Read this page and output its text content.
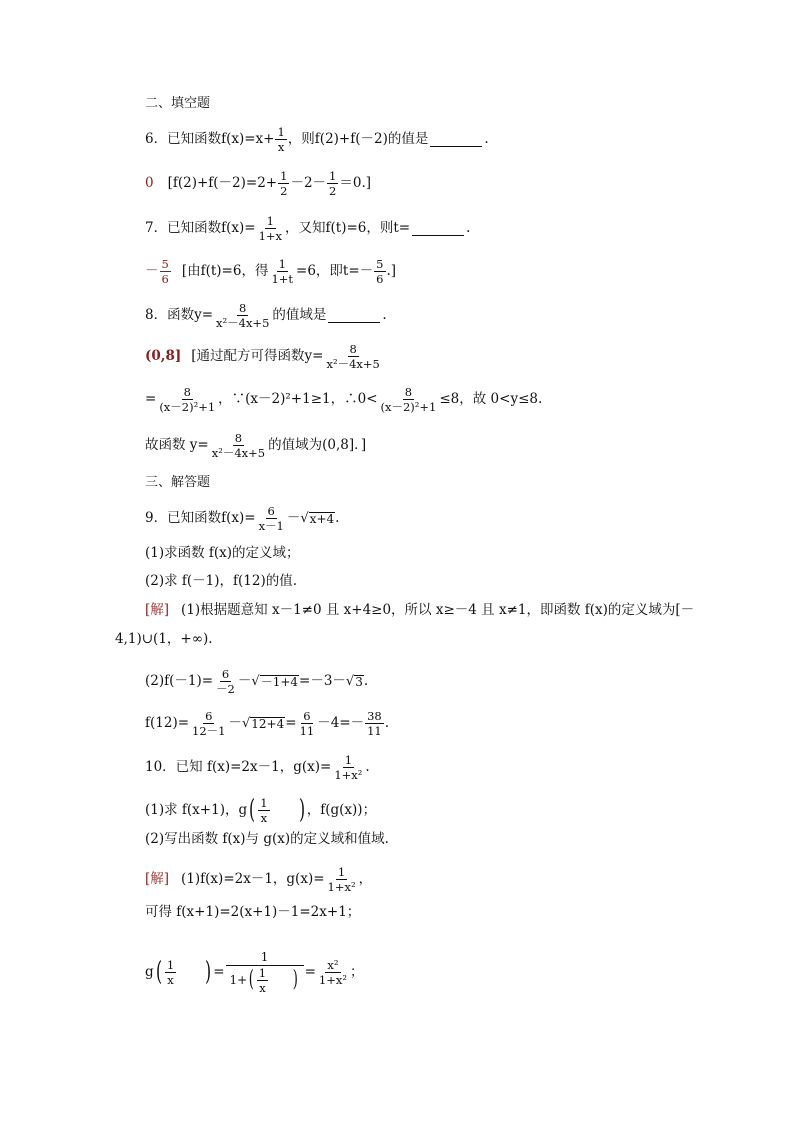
二、填空题
6．已知函数 $f(x)=x+ \frac{1}{x}$ ，则f(2)+f(－2)的值是	.
0 [$f(2)+f(-2)=2+ \frac{1}{2} -2- 1$
2
＝0.]
7．已知函数 $f(x)= \frac{1}{1+x}$ ，又知f(t)=6，则t=	.
－ 5
6
[由f(t)=6，得 $\frac{1}{1+t} =6$，即t=－ 5
6
.]
8．函数$y= \frac{8}{\text{x²－4x+5}}$ 的值域是	.
(0,8] [通过配方可得函数$y= \frac{8}{\text{x²－4x+5}}$
= $\frac{8}{\text{(x－2)²+1}}$ ，∵(x－2)²+1≥1，∴0< $\frac{8}{\text{(x－2)²+1}} \le 8$，故 0<y≤8.
故函数 $y= \frac{8}{\text{x²－4x+5}}$ 的值域为(0,8]．]
三、解答题
9．已知函数 $f(x)= \frac{6}{x-1}$ － √ x+4 .
(1)求函数 f(x)的定义域；
(2)求 f(－1)，f(12)的值.
[解] (1)根据题意知 x－1≠0 且 x+4≥0，所以 x≥－4 且 x≠1，即函数 f(x)的定义域为[－
4,1)∪(1，+∞).
$(2)f(-1)= \frac{6}{-2}$ － √ －1+4 =－3－ √ 3 .
$f(12)= \frac{6}{12-1}$ － √ $12+4 = \frac{6}{11} -4=- 38$
11
.
10．已知 f(x)=2x－1，$g(x)= \frac{1}{\text{1+x²}}$ .
(1)求 f(x+1)，g ( 1
x ) ，f(g(x))；
(2)写出函数 f(x)与 g(x)的定义域和值域.
[解] (1)f(x)=2x－1，$g(x)= \frac{1}{\text{1+x²}}$ ，
可得 f(x+1)=2(x+1)－1=2x+1；
g ( 1
x ) = 1
1+ ( 1
x ) = $\frac{\text{x²}}{\text{1+x²}}$ ；
